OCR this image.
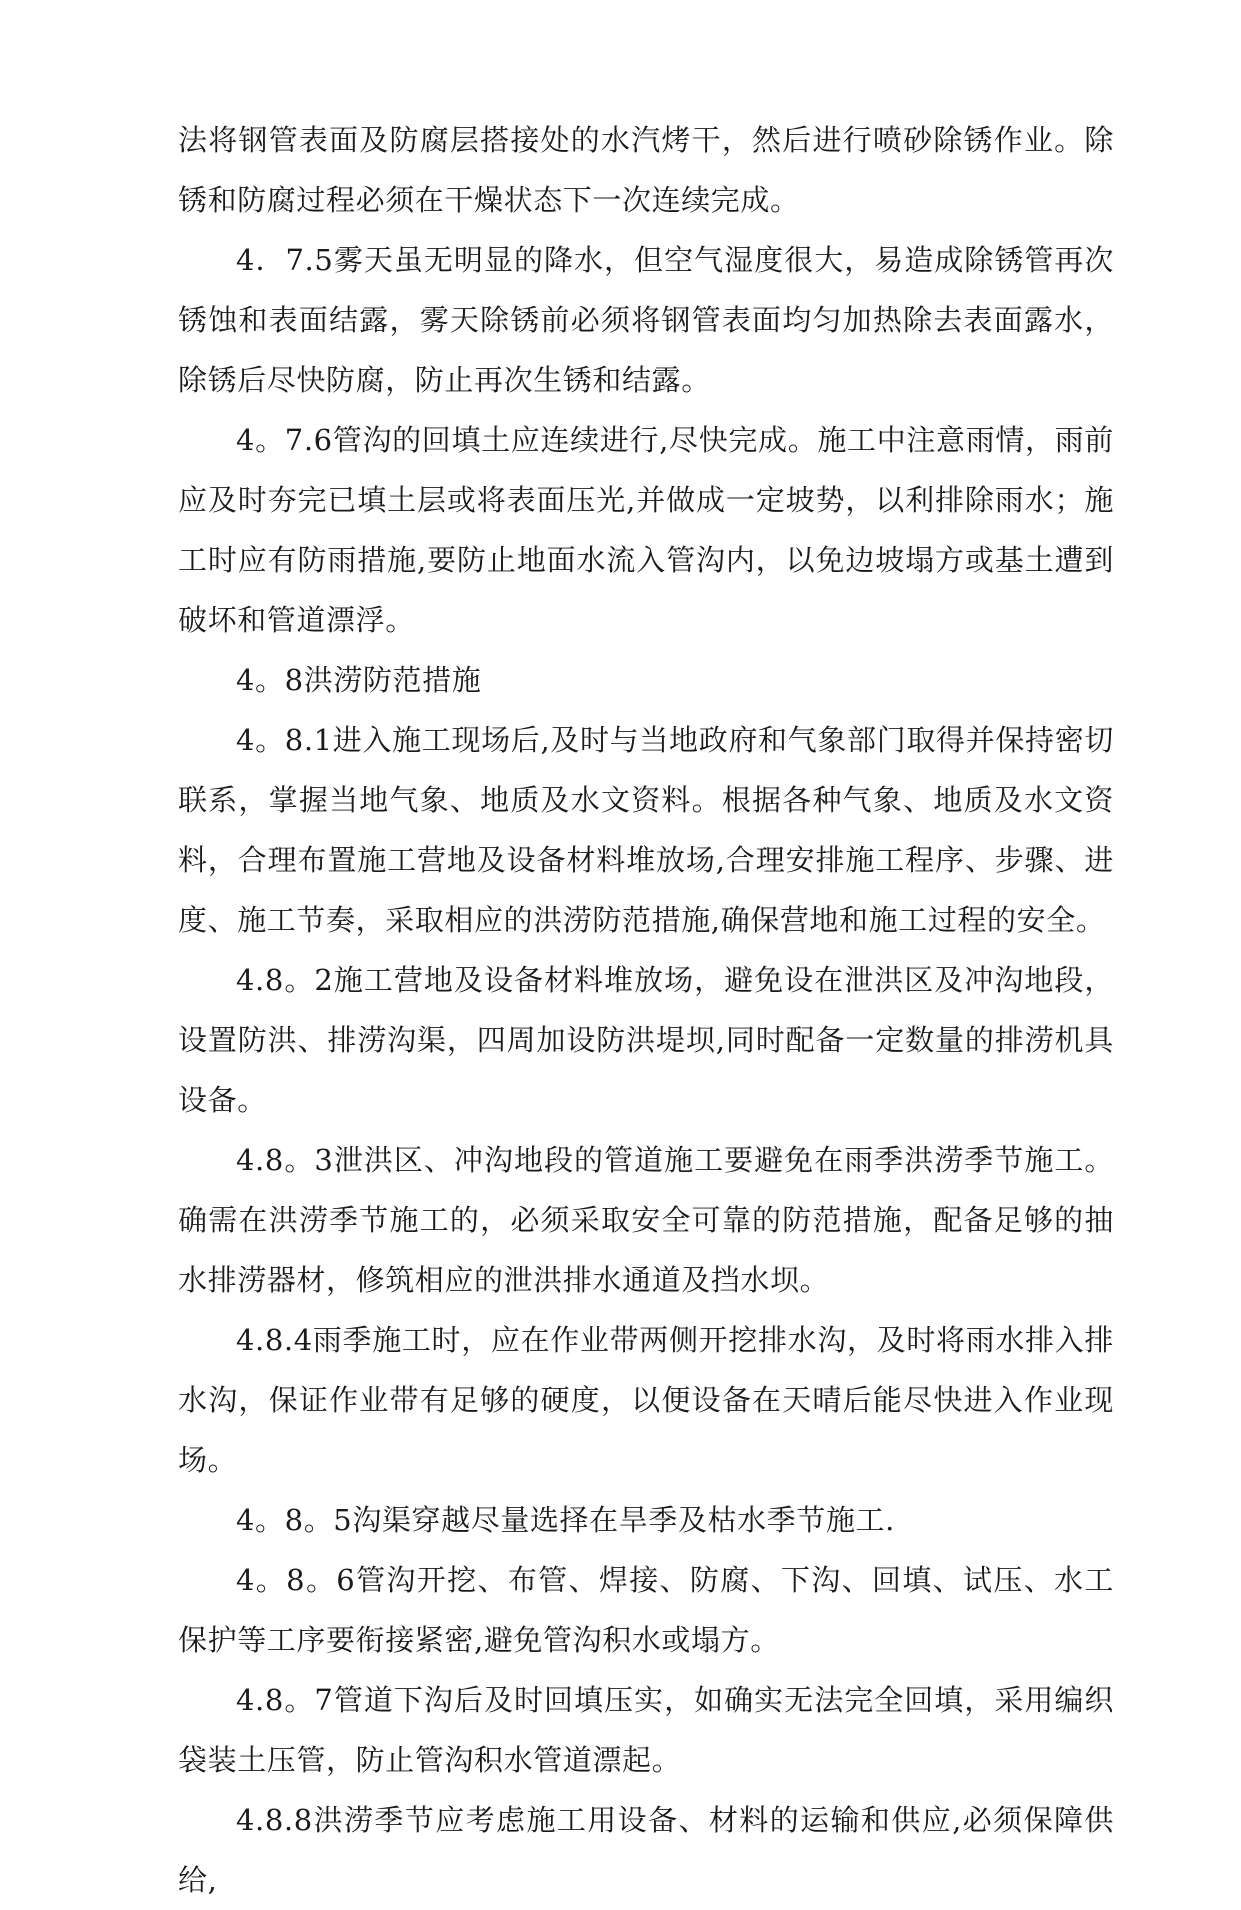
法将钢管表面及防腐层搭接处的水汽烤干，然后进行喷砂除锈作业。除锈和防腐过程必须在干燥状态下一次连续完成。

4．7.5雾天虽无明显的降水，但空气湿度很大，易造成除锈管再次锈蚀和表面结露，雾天除锈前必须将钢管表面均匀加热除去表面露水，除锈后尽快防腐，防止再次生锈和结露。

4。7.6管沟的回填土应连续进行,尽快完成。施工中注意雨情，雨前应及时夯完已填土层或将表面压光,并做成一定坡势，以利排除雨水；施工时应有防雨措施,要防止地面水流入管沟内，以免边坡塌方或基土遭到破坏和管道漂浮。

4。8洪涝防范措施

4。8.1进入施工现场后,及时与当地政府和气象部门取得并保持密切联系，掌握当地气象、地质及水文资料。根据各种气象、地质及水文资料，合理布置施工营地及设备材料堆放场,合理安排施工程序、步骤、进度、施工节奏，采取相应的洪涝防范措施,确保营地和施工过程的安全。

4.8。2施工营地及设备材料堆放场，避免设在泄洪区及冲沟地段，设置防洪、排涝沟渠，四周加设防洪堤坝,同时配备一定数量的排涝机具设备。

4.8。3泄洪区、冲沟地段的管道施工要避免在雨季洪涝季节施工。确需在洪涝季节施工的，必须采取安全可靠的防范措施，配备足够的抽水排涝器材，修筑相应的泄洪排水通道及挡水坝。

4.8.4雨季施工时，应在作业带两侧开挖排水沟，及时将雨水排入排水沟，保证作业带有足够的硬度，以便设备在天晴后能尽快进入作业现场。

4。8。5沟渠穿越尽量选择在旱季及枯水季节施工.

4。8。6管沟开挖、布管、焊接、防腐、下沟、回填、试压、水工保护等工序要衔接紧密,避免管沟积水或塌方。

4.8。7管道下沟后及时回填压实，如确实无法完全回填，采用编织袋装土压管，防止管沟积水管道漂起。

4.8.8洪涝季节应考虑施工用设备、材料的运输和供应,必须保障供给,
